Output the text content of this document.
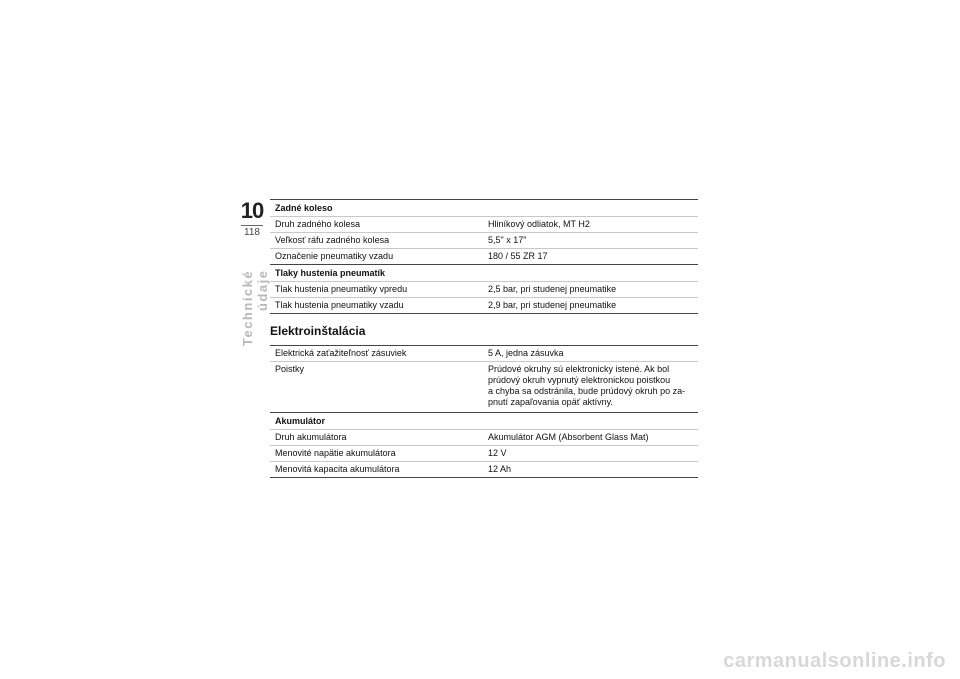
10
118
Technické údaje
Zadné koleso
Druh zadného kolesa	Hliníkový odliatok, MT H2
Veľkosť ráfu zadného kolesa	5,5" x 17"
Označenie pneumatiky vzadu	180 / 55 ZR 17
Tlaky hustenia pneumatík
Tlak hustenia pneumatiky vpredu	2,5 bar, pri studenej pneumatike
Tlak hustenia pneumatiky vzadu	2,9 bar, pri studenej pneumatike
Elektroinštalácia
Elektrická zaťažiteľnosť zásuviek	5 A, jedna zásuvka
Poistky	Prúdové okruhy sú elektronicky istené. Ak bol
prúdový okruh vypnutý elektronickou poistkou
a chyba sa odstránila, bude prúdový okruh po za-
pnutí zapaľovania opäť aktívny.
Akumulátor
Druh akumulátora	Akumulátor AGM (Absorbent Glass Mat)
Menovité napätie akumulátora	12 V
Menovitá kapacita akumulátora	12 Ah
carmanualsonline.info
